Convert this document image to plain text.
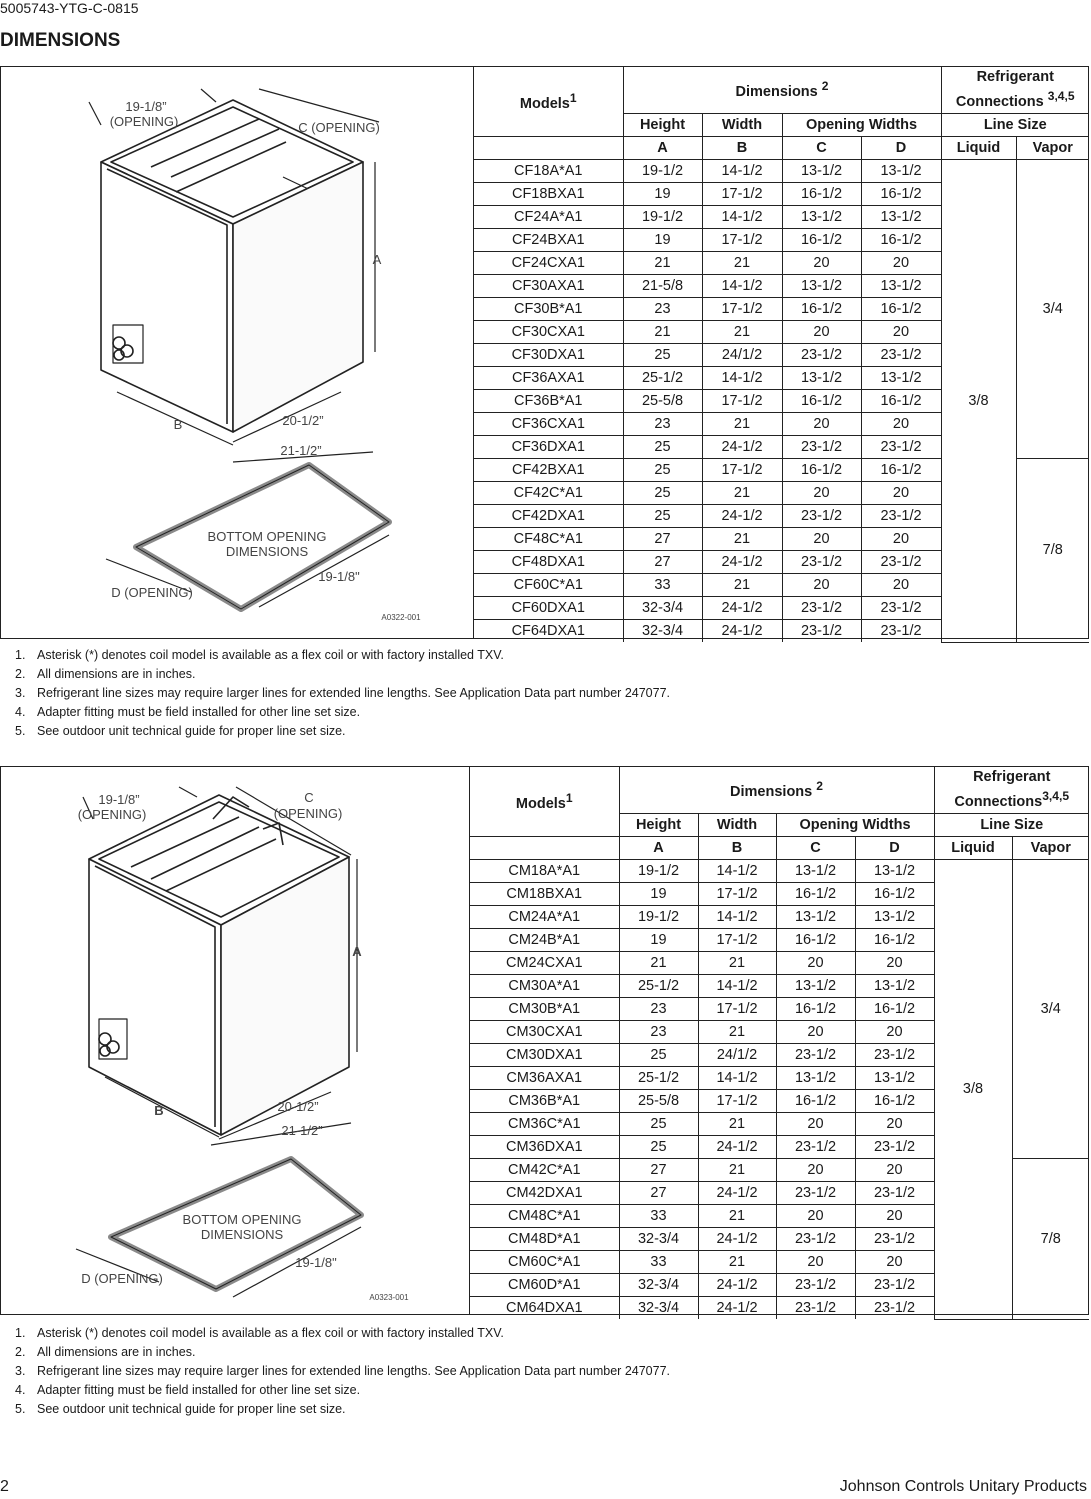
5005743-YTG-C-0815
DIMENSIONS
19-1/8”
(OPENING)	C (OPENING)
A
B	20-1/2”
21-1/2”
BOTTOM OPENING
DIMENSIONS
19-1/8"
D (OPENING)
A0322-001
Models$^1$	Dimensions $^2$				Refrigerant
Connections $^{3,4,5}$
	Height	Width	Opening Widths		Line Size	
	A	B	C	D	Liquid	Vapor
CF18A*A1	19-1/2	14-1/2	13-1/2	13-1/2	3/8	3/4
CF18BXA1	19	17-1/2	16-1/2	16-1/2		
CF24A*A1	19-1/2	14-1/2	13-1/2	13-1/2		
CF24BXA1	19	17-1/2	16-1/2	16-1/2		
CF24CXA1	21	21	20	20		
CF30AXA1	21-5/8	14-1/2	13-1/2	13-1/2		
CF30B*A1	23	17-1/2	16-1/2	16-1/2		
CF30CXA1	21	21	20	20		
CF30DXA1	25	24/1/2	23-1/2	23-1/2		
CF36AXA1	25-1/2	14-1/2	13-1/2	13-1/2		
CF36B*A1	25-5/8	17-1/2	16-1/2	16-1/2		
CF36CXA1	23	21	20	20		
CF36DXA1	25	24-1/2	23-1/2	23-1/2		
CF42BXA1	25	17-1/2	16-1/2	16-1/2		7/8
CF42C*A1	25	21	20	20		
CF42DXA1	25	24-1/2	23-1/2	23-1/2		
CF48C*A1	27	21	20	20		
CF48DXA1	27	24-1/2	23-1/2	23-1/2		
CF60C*A1	33	21	20	20		
CF60DXA1	32-3/4	24-1/2	23-1/2	23-1/2		
CF64DXA1	32-3/4	24-1/2	23-1/2	23-1/2		
1. Asterisk (*) denotes coil model is available as a flex coil or with factory installed TXV.
2. All dimensions are in inches.
3. Refrigerant line sizes may require larger lines for extended line lengths. See Application Data part number 247077.
4. Adapter fitting must be field installed for other line set size.
5. See outdoor unit technical guide for proper line set size.
19-1/8”
(OPENING)
C
(OPENING)
A
B	20-1/2”
21-1/2”
BOTTOM OPENING
DIMENSIONS
19-1/8"
D (OPENING)
A0323-001
Models$^1$	Dimensions $^2$				Refrigerant
Connections$^{3,4,5}$
	Height	Width	Opening Widths		Line Size	
	A	B	C	D	Liquid	Vapor
CM18A*A1	19-1/2	14-1/2	13-1/2	13-1/2	3/8	3/4
CM18BXA1	19	17-1/2	16-1/2	16-1/2		
CM24A*A1	19-1/2	14-1/2	13-1/2	13-1/2		
CM24B*A1	19	17-1/2	16-1/2	16-1/2		
CM24CXA1	21	21	20	20		
CM30A*A1	25-1/2	14-1/2	13-1/2	13-1/2		
CM30B*A1	23	17-1/2	16-1/2	16-1/2		
CM30CXA1	23	21	20	20		
CM30DXA1	25	24/1/2	23-1/2	23-1/2		
CM36AXA1	25-1/2	14-1/2	13-1/2	13-1/2		
CM36B*A1	25-5/8	17-1/2	16-1/2	16-1/2		
CM36C*A1	25	21	20	20		
CM36DXA1	25	24-1/2	23-1/2	23-1/2		
CM42C*A1	27	21	20	20		7/8
CM42DXA1	27	24-1/2	23-1/2	23-1/2		
CM48C*A1	33	21	20	20		
CM48D*A1	32-3/4	24-1/2	23-1/2	23-1/2		
CM60C*A1	33	21	20	20		
CM60D*A1	32-3/4	24-1/2	23-1/2	23-1/2		
CM64DXA1	32-3/4	24-1/2	23-1/2	23-1/2		
1. Asterisk (*) denotes coil model is available as a flex coil or with factory installed TXV.
2. All dimensions are in inches.
3. Refrigerant line sizes may require larger lines for extended line lengths. See Application Data part number 247077.
4. Adapter fitting must be field installed for other line set size.
5. See outdoor unit technical guide for proper line set size.
2	Johnson Controls Unitary Products
